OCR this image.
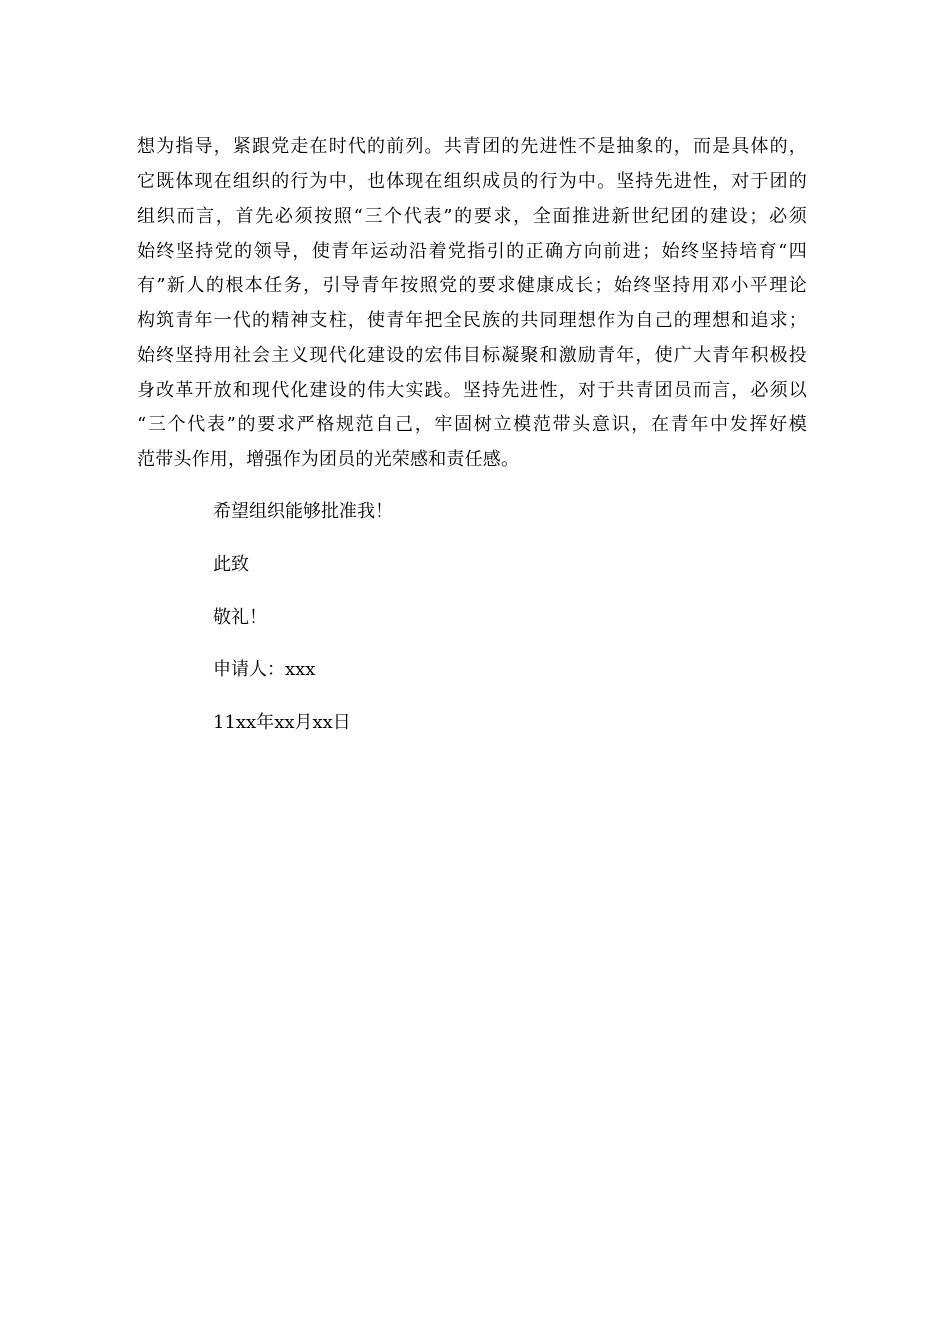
想为指导，紧跟党走在时代的前列。共青团的先进性不是抽象的，而是具体的，
它既体现在组织的行为中，也体现在组织成员的行为中。坚持先进性，对于团的
组织而言，首先必须按照“三个代表”的要求，全面推进新世纪团的建设；必须
始终坚持党的领导，使青年运动沿着党指引的正确方向前进；始终坚持培育“四
有”新人的根本任务，引导青年按照党的要求健康成长；始终坚持用邓小平理论
构筑青年一代的精神支柱，使青年把全民族的共同理想作为自己的理想和追求；
始终坚持用社会主义现代化建设的宏伟目标凝聚和激励青年，使广大青年积极投
身改革开放和现代化建设的伟大实践。坚持先进性，对于共青团员而言，必须以
“三个代表”的要求严格规范自己，牢固树立模范带头意识，在青年中发挥好模
范带头作用，增强作为团员的光荣感和责任感。
希望组织能够批准我！
此致
敬礼！
申请人：xxx
11xx年xx月xx日
